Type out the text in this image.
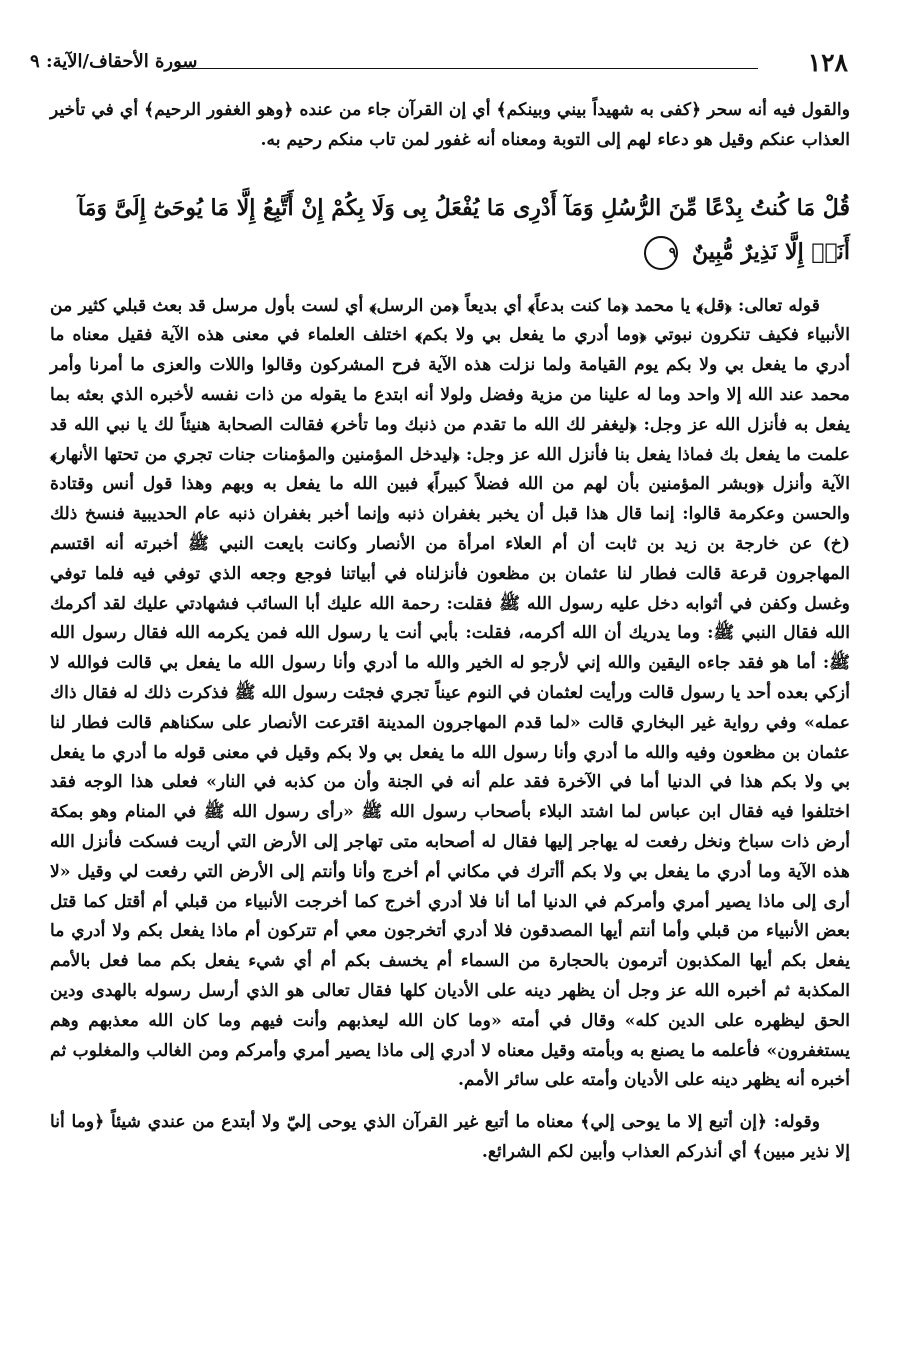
١٢٨
سورة الأحقاف/الآية: ٩

والقول فيه أنه سحر ﴿كفى به شهيداً بيني وبينكم﴾ أي إن القرآن جاء من عنده ﴿وهو الغفور الرحيم﴾ أي في تأخير العذاب عنكم وقيل هو دعاء لهم إلى التوبة ومعناه أنه غفور لمن تاب منكم رحيم به.

قُلْ مَا كُنتُ بِدْعًا مِّنَ الرُّسُلِ وَمَآ أَدْرِى مَا يُفْعَلُ بِى وَلَا بِكُمْ إِنْ أَتَّبِعُ إِلَّا مَا يُوحَىٰٓ إِلَىَّ وَمَآ أَنَا۠ إِلَّا نَذِيرٌ مُّبِينٌ ٩

قوله تعالى: ﴿قل﴾ يا محمد ﴿ما كنت بدعاً﴾ أي بديعاً ﴿من الرسل﴾ أي لست بأول مرسل قد بعث قبلي كثير من الأنبياء فكيف تنكرون نبوتي ﴿وما أدري ما يفعل بي ولا بكم﴾ اختلف العلماء في معنى هذه الآية فقيل معناه ما أدري ما يفعل بي ولا بكم يوم القيامة ولما نزلت هذه الآية فرح المشركون وقالوا واللات والعزى ما أمرنا وأمر محمد عند الله إلا واحد وما له علينا من مزية وفضل ولولا أنه ابتدع ما يقوله من ذات نفسه لأخبره الذي بعثه بما يفعل به فأنزل الله عز وجل: ﴿ليغفر لك الله ما تقدم من ذنبك وما تأخر﴾ فقالت الصحابة هنيئاً لك يا نبي الله قد علمت ما يفعل بك فماذا يفعل بنا فأنزل الله عز وجل: ﴿ليدخل المؤمنين والمؤمنات جنات تجري من تحتها الأنهار﴾ الآية وأنزل ﴿وبشر المؤمنين بأن لهم من الله فضلاً كبيراً﴾ فبين الله ما يفعل به وبهم وهذا قول أنس وقتادة والحسن وعكرمة قالوا: إنما قال هذا قبل أن يخبر بغفران ذنبه وإنما أخبر بغفران ذنبه عام الحديبية فنسخ ذلك (خ) عن خارجة بن زيد بن ثابت أن أم العلاء امرأة من الأنصار وكانت بايعت النبي ﷺ أخبرته أنه اقتسم المهاجرون قرعة قالت فطار لنا عثمان بن مظعون فأنزلناه في أبياتنا فوجع وجعه الذي توفي فيه فلما توفي وغسل وكفن في أثوابه دخل عليه رسول الله ﷺ فقلت: رحمة الله عليك أبا السائب فشهادتي عليك لقد أكرمك الله فقال النبي ﷺ: وما يدريك أن الله أكرمه، فقلت: بأبي أنت يا رسول الله فمن يكرمه الله فقال رسول الله ﷺ: أما هو فقد جاءه اليقين والله إني لأرجو له الخير والله ما أدري وأنا رسول الله ما يفعل بي قالت فوالله لا أزكي بعده أحد يا رسول قالت ورأيت لعثمان في النوم عيناً تجري فجئت رسول الله ﷺ فذكرت ذلك له فقال ذاك عمله» وفي رواية غير البخاري قالت «لما قدم المهاجرون المدينة اقترعت الأنصار على سكناهم قالت فطار لنا عثمان بن مظعون وفيه والله ما أدري وأنا رسول الله ما يفعل بي ولا بكم وقيل في معنى قوله ما أدري ما يفعل بي ولا بكم هذا في الدنيا أما في الآخرة فقد علم أنه في الجنة وأن من كذبه في النار» فعلى هذا الوجه فقد اختلفوا فيه فقال ابن عباس لما اشتد البلاء بأصحاب رسول الله ﷺ «رأى رسول الله ﷺ في المنام وهو بمكة أرض ذات سباخ ونخل رفعت له يهاجر إليها فقال له أصحابه متى تهاجر إلى الأرض التي أريت فسكت فأنزل الله هذه الآية وما أدري ما يفعل بي ولا بكم أأترك في مكاني أم أخرج وأنا وأنتم إلى الأرض التي رفعت لي وقيل «لا أرى إلى ماذا يصير أمري وأمركم في الدنيا أما أنا فلا أدري أخرج كما أخرجت الأنبياء من قبلي أم أقتل كما قتل بعض الأنبياء من قبلي وأما أنتم أيها المصدقون فلا أدري أتخرجون معي أم تتركون أم ماذا يفعل بكم ولا أدري ما يفعل بكم أيها المكذبون أترمون بالحجارة من السماء أم يخسف بكم أم أي شيء يفعل بكم مما فعل بالأمم المكذبة ثم أخبره الله عز وجل أن يظهر دينه على الأديان كلها فقال تعالى هو الذي أرسل رسوله بالهدى ودين الحق ليظهره على الدين كله» وقال في أمته «وما كان الله ليعذبهم وأنت فيهم وما كان الله معذبهم وهم يستغفرون» فأعلمه ما يصنع به وبأمته وقيل معناه لا أدري إلى ماذا يصير أمري وأمركم ومن الغالب والمغلوب ثم أخبره أنه يظهر دينه على الأديان وأمته على سائر الأمم.

وقوله: ﴿إن أتبع إلا ما يوحى إلي﴾ معناه ما أتبع غير القرآن الذي يوحى إليّ ولا أبتدع من عندي شيئاً ﴿وما أنا إلا نذير مبين﴾ أي أنذركم العذاب وأبين لكم الشرائع.
